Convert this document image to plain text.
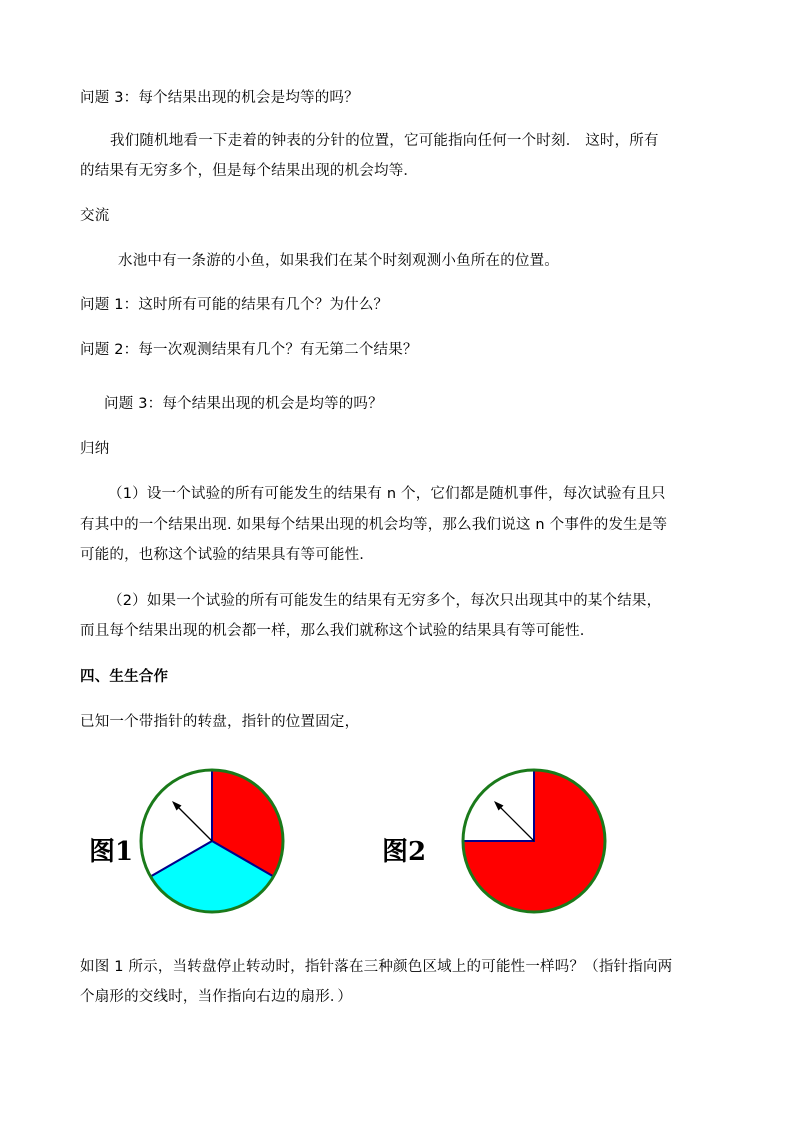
问题 3：每个结果出现的机会是均等的吗？
我们随机地看一下走着的钟表的分针的位置，它可能指向任何一个时刻． 这时，所有
的结果有无穷多个，但是每个结果出现的机会均等．
交流
水池中有一条游的小鱼，如果我们在某个时刻观测小鱼所在的位置。
问题 1：这时所有可能的结果有几个？为什么？
问题 2：每一次观测结果有几个？有无第二个结果？
问题 3：每个结果出现的机会是均等的吗？
归纳
（1）设一个试验的所有可能发生的结果有 n 个，它们都是随机事件，每次试验有且只
有其中的一个结果出现. 如果每个结果出现的机会均等，那么我们说这 n 个事件的发生是等
可能的，也称这个试验的结果具有等可能性.
（2）如果一个试验的所有可能发生的结果有无穷多个，每次只出现其中的某个结果，
而且每个结果出现的机会都一样，那么我们就称这个试验的结果具有等可能性.
四、生生合作
已知一个带指针的转盘，指针的位置固定，
图1	图2
如图 1 所示，当转盘停止转动时，指针落在三种颜色区域上的可能性一样吗？（指针指向两
个扇形的交线时，当作指向右边的扇形．）
